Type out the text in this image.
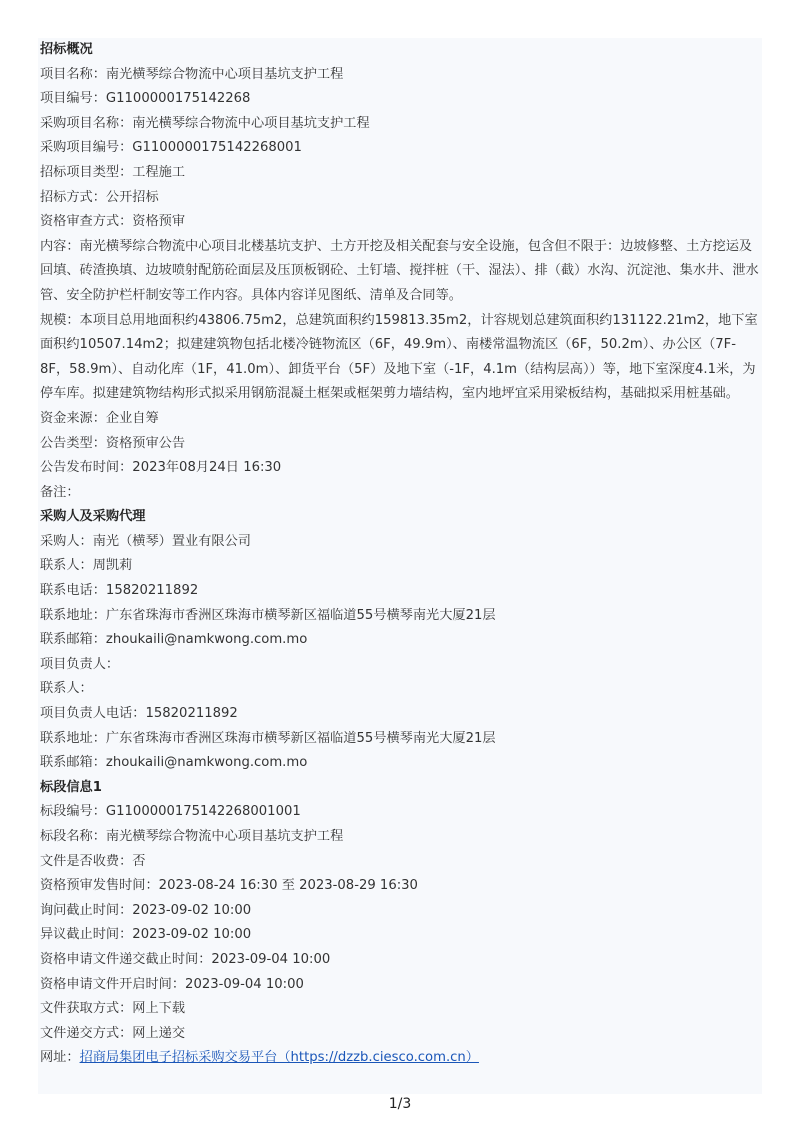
招标概况
项目名称：南光横琴综合物流中心项目基坑支护工程
项目编号：G1100000175142268
采购项目名称：南光横琴综合物流中心项目基坑支护工程
采购项目编号：G1100000175142268001
招标项目类型：工程施工
招标方式：公开招标
资格审查方式：资格预审
内容：南光横琴综合物流中心项目北楼基坑支护、土方开挖及相关配套与安全设施，包含但不限于：边坡修整、土方挖运及回填、砖渣换填、边坡喷射配筋砼面层及压顶板钢砼、土钉墙、搅拌桩（干、湿法）、排（截）水沟、沉淀池、集水井、泄水管、安全防护栏杆制安等工作内容。具体内容详见图纸、清单及合同等。
规模：本项目总用地面积约43806.75m2，总建筑面积约159813.35m2，计容规划总建筑面积约131122.21m2，地下室面积约10507.14m2；拟建建筑物包括北楼冷链物流区（6F，49.9m）、南楼常温物流区（6F，50.2m）、办公区（7F-8F，58.9m）、自动化库（1F，41.0m）、卸货平台（5F）及地下室（-1F，4.1m（结构层高））等，地下室深度4.1米，为停车库。拟建建筑物结构形式拟采用钢筋混凝土框架或框架剪力墙结构，室内地坪宜采用梁板结构，基础拟采用桩基础。
资金来源：企业自筹
公告类型：资格预审公告
公告发布时间：2023年08月24日 16:30
备注：
采购人及采购代理
采购人：南光（横琴）置业有限公司
联系人：周凯莉
联系电话：15820211892
联系地址：广东省珠海市香洲区珠海市横琴新区福临道55号横琴南光大厦21层
联系邮箱：zhoukaili@namkwong.com.mo
项目负责人：
联系人：
项目负责人电话：15820211892
联系地址：广东省珠海市香洲区珠海市横琴新区福临道55号横琴南光大厦21层
联系邮箱：zhoukaili@namkwong.com.mo
标段信息1
标段编号：G1100000175142268001001
标段名称：南光横琴综合物流中心项目基坑支护工程
文件是否收费：否
资格预审发售时间：2023-08-24 16:30 至 2023-08-29 16:30
询问截止时间：2023-09-02 10:00
异议截止时间：2023-09-02 10:00
资格申请文件递交截止时间：2023-09-04 10:00
资格申请文件开启时间：2023-09-04 10:00
文件获取方式：网上下载
文件递交方式：网上递交
网址：招商局集团电子招标采购交易平台（https://dzzb.ciesco.com.cn）
1/3
